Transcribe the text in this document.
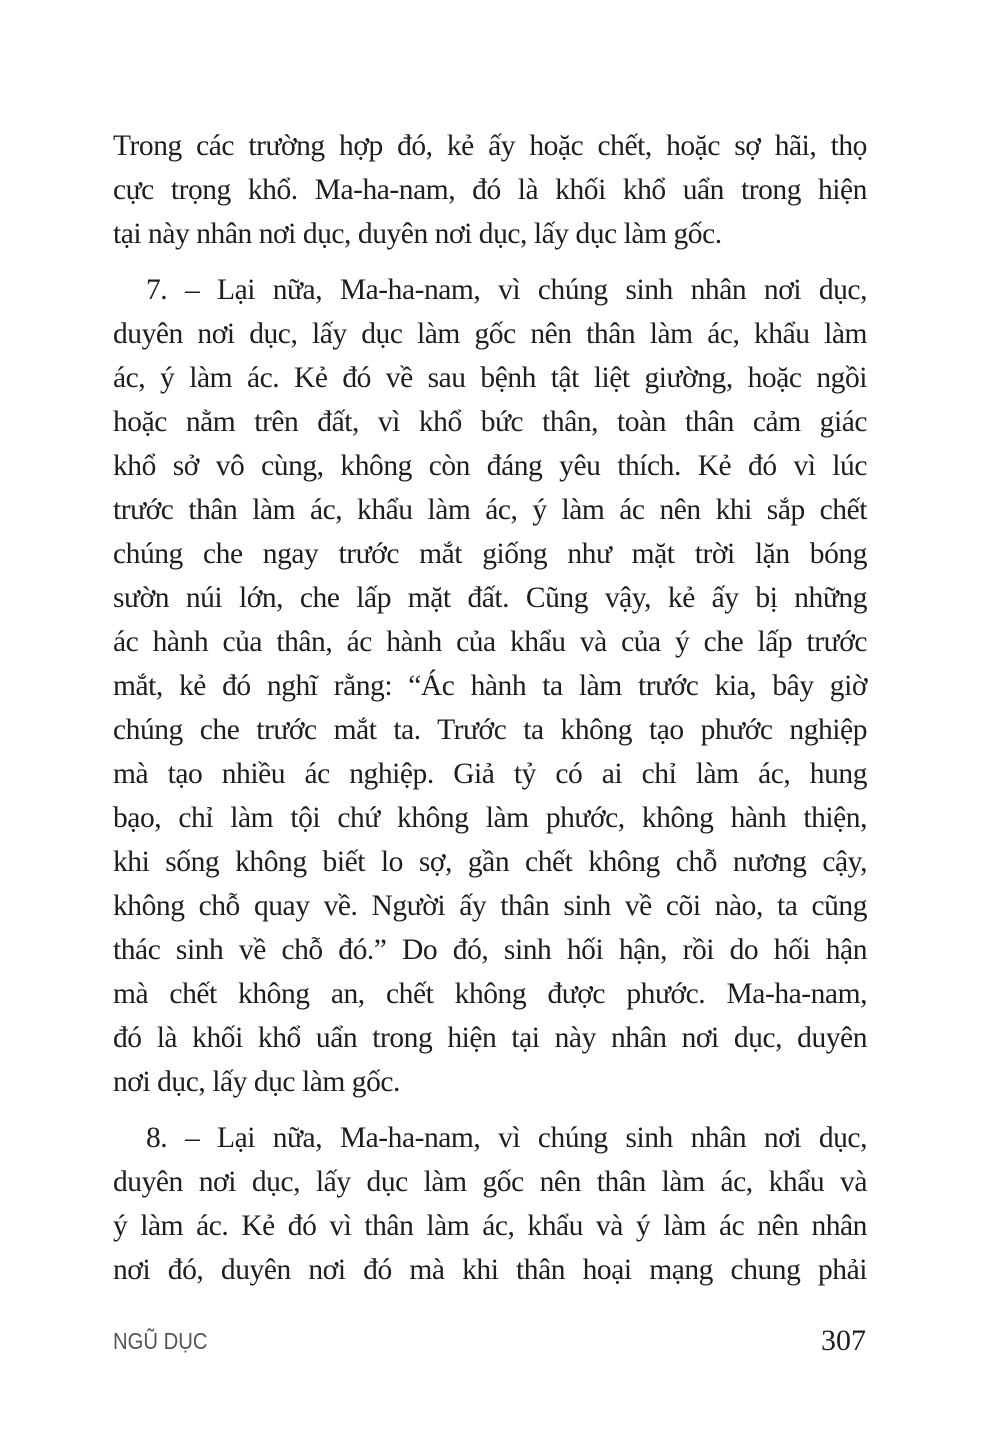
Trong các trường hợp đó, kẻ ấy hoặc chết, hoặc sợ hãi, thọ
cực trọng khổ. Ma-ha-nam, đó là khối khổ uẩn trong hiện
tại này nhân nơi dục, duyên nơi dục, lấy dục làm gốc.
7. – Lại nữa, Ma-ha-nam, vì chúng sinh nhân nơi dục,
duyên nơi dục, lấy dục làm gốc nên thân làm ác, khẩu làm
ác, ý làm ác. Kẻ đó về sau bệnh tật liệt giường, hoặc ngồi
hoặc nằm trên đất, vì khổ bức thân, toàn thân cảm giác
khổ sở vô cùng, không còn đáng yêu thích. Kẻ đó vì lúc
trước thân làm ác, khẩu làm ác, ý làm ác nên khi sắp chết
chúng che ngay trước mắt giống như mặt trời lặn bóng
sườn núi lớn, che lấp mặt đất. Cũng vậy, kẻ ấy bị những
ác hành của thân, ác hành của khẩu và của ý che lấp trước
mắt, kẻ đó nghĩ rằng: “Ác hành ta làm trước kia, bây giờ
chúng che trước mắt ta. Trước ta không tạo phước nghiệp
mà tạo nhiều ác nghiệp. Giả tỷ có ai chỉ làm ác, hung
bạo, chỉ làm tội chứ không làm phước, không hành thiện,
khi sống không biết lo sợ, gần chết không chỗ nương cậy,
không chỗ quay về. Người ấy thân sinh về cõi nào, ta cũng
thác sinh về chỗ đó.” Do đó, sinh hối hận, rồi do hối hận
mà chết không an, chết không được phước. Ma-ha-nam,
đó là khối khổ uẩn trong hiện tại này nhân nơi dục, duyên
nơi dục, lấy dục làm gốc.
8. – Lại nữa, Ma-ha-nam, vì chúng sinh nhân nơi dục,
duyên nơi dục, lấy dục làm gốc nên thân làm ác, khẩu và
ý làm ác. Kẻ đó vì thân làm ác, khẩu và ý làm ác nên nhân
nơi đó, duyên nơi đó mà khi thân hoại mạng chung phải
NGŨ DỤC	307
